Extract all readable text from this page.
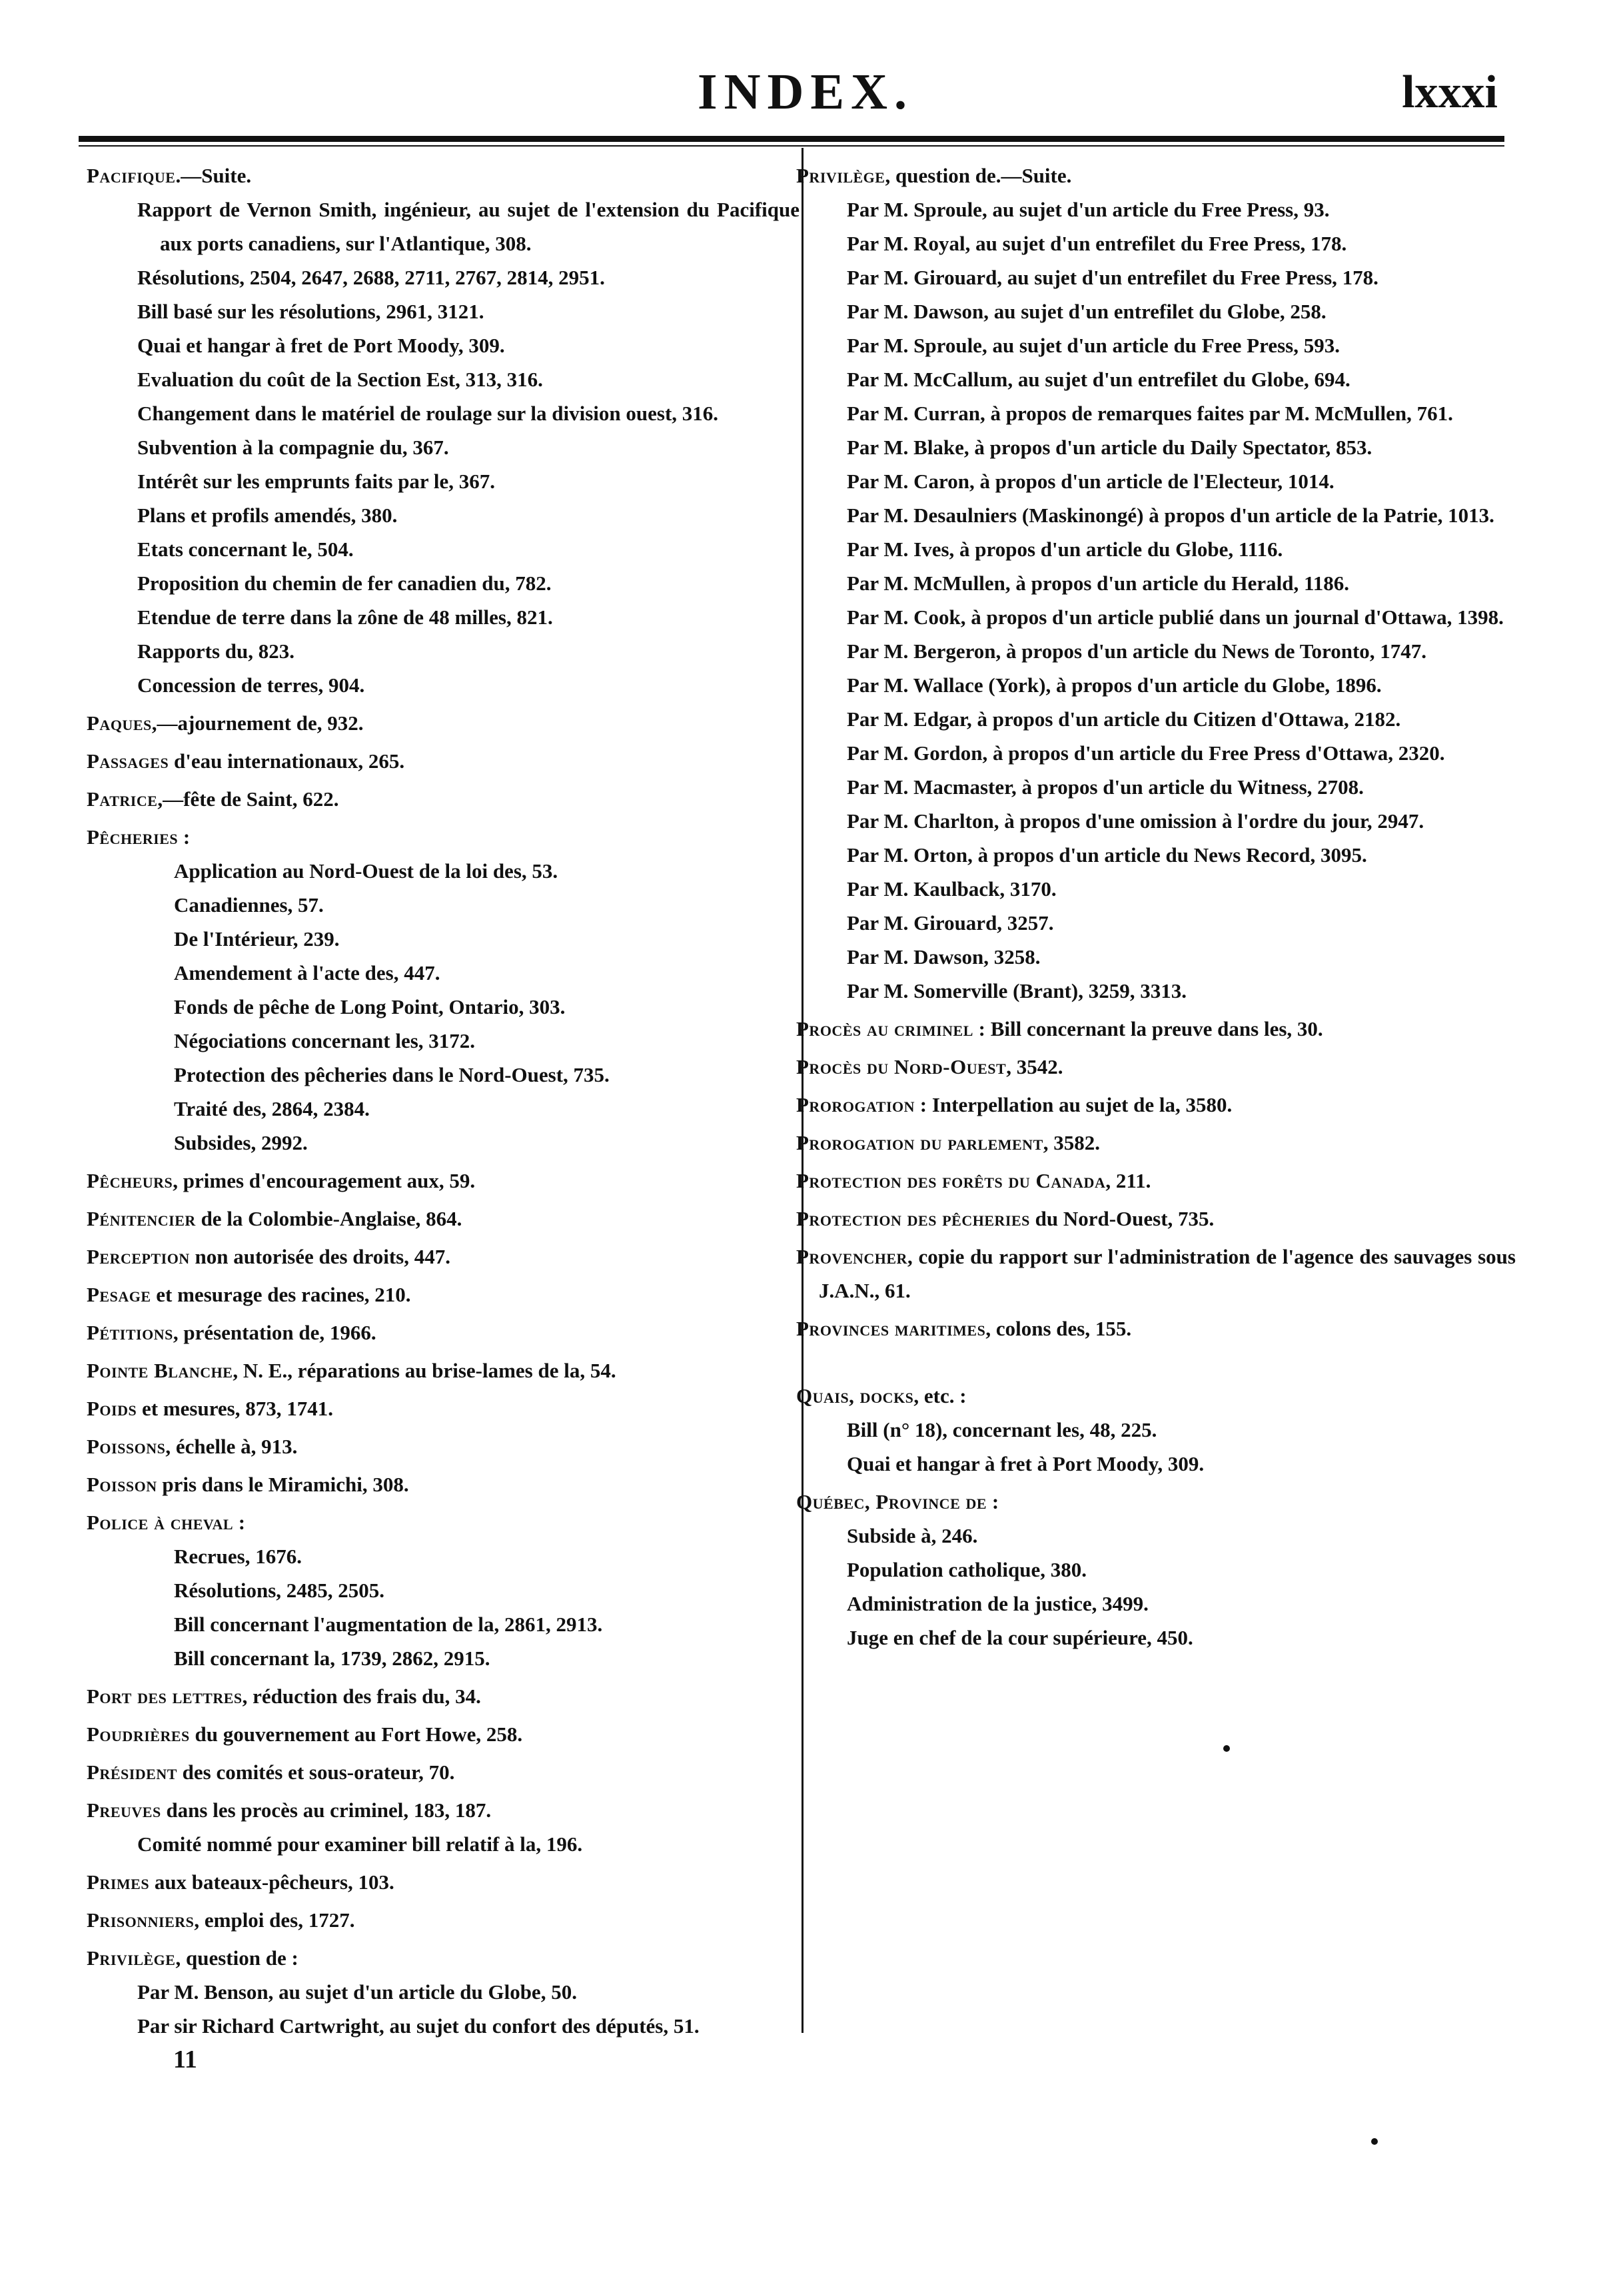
INDEX.	lxxxi
Pacifique.—Suite.
Rapport de Vernon Smith, ingénieur, au sujet de l'extension du Pacifique aux ports canadiens, sur l'Atlantique, 308.
Résolutions, 2504, 2647, 2688, 2711, 2767, 2814, 2951.
Bill basé sur les résolutions, 2961, 3121.
Quai et hangar à fret de Port Moody, 309.
Evaluation du coût de la Section Est, 313, 316.
Changement dans le matériel de roulage sur la division ouest, 316.
Subvention à la compagnie du, 367.
Intérêt sur les emprunts faits par le, 367.
Plans et profils amendés, 380.
Etats concernant le, 504.
Proposition du chemin de fer canadien du, 782.
Etendue de terre dans la zône de 48 milles, 821.
Rapports du, 823.
Concession de terres, 904.
Paques,—ajournement de, 932.
Passages d'eau internationaux, 265.
Patrice,—fête de Saint, 622.
Pêcheries :
Application au Nord-Ouest de la loi des, 53.
Canadiennes, 57.
De l'Intérieur, 239.
Amendement à l'acte des, 447.
Fonds de pêche de Long Point, Ontario, 303.
Négociations concernant les, 3172.
Protection des pêcheries dans le Nord-Ouest, 735.
Traité des, 2864, 2384.
Subsides, 2992.
Pêcheurs, primes d'encouragement aux, 59.
Pénitencier de la Colombie-Anglaise, 864.
Perception non autorisée des droits, 447.
Pesage et mesurage des racines, 210.
Pétitions, présentation de, 1966.
Pointe Blanche, N. E., réparations au brise-lames de la, 54.
Poids et mesures, 873, 1741.
Poissons, échelle à, 913.
Poisson pris dans le Miramichi, 308.
Police à cheval :
Recrues, 1676.
Résolutions, 2485, 2505.
Bill concernant l'augmentation de la, 2861, 2913.
Bill concernant la, 1739, 2862, 2915.
Port des lettres, réduction des frais du, 34.
Poudrières du gouvernement au Fort Howe, 258.
Président des comités et sous-orateur, 70.
Preuves dans les procès au criminel, 183, 187.
Comité nommé pour examiner bill relatif à la, 196.
Primes aux bateaux-pêcheurs, 103.
Prisonniers, emploi des, 1727.
Privilège, question de :
Par M. Benson, au sujet d'un article du Globe, 50.
Par sir Richard Cartwright, au sujet du confort des députés, 51.
11
Privilège, question de.—Suite.
Par M. Sproule, au sujet d'un article du Free Press, 93.
Par M. Royal, au sujet d'un entrefilet du Free Press, 178.
Par M. Girouard, au sujet d'un entrefilet du Free Press, 178.
Par M. Dawson, au sujet d'un entrefilet du Globe, 258.
Par M. Sproule, au sujet d'un article du Free Press, 593.
Par M. McCallum, au sujet d'un entrefilet du Globe, 694.
Par M. Curran, à propos de remarques faites par M. McMullen, 761.
Par M. Blake, à propos d'un article du Daily Spectator, 853.
Par M. Caron, à propos d'un article de l'Electeur, 1014.
Par M. Desaulniers (Maskinongé) à propos d'un article de la Patrie, 1013.
Par M. Ives, à propos d'un article du Globe, 1116.
Par M. McMullen, à propos d'un article du Herald, 1186.
Par M. Cook, à propos d'un article publié dans un journal d'Ottawa, 1398.
Par M. Bergeron, à propos d'un article du News de Toronto, 1747.
Par M. Wallace (York), à propos d'un article du Globe, 1896.
Par M. Edgar, à propos d'un article du Citizen d'Ottawa, 2182.
Par M. Gordon, à propos d'un article du Free Press d'Ottawa, 2320.
Par M. Macmaster, à propos d'un article du Witness, 2708.
Par M. Charlton, à propos d'une omission à l'ordre du jour, 2947.
Par M. Orton, à propos d'un article du News Record, 3095.
Par M. Kaulback, 3170.
Par M. Girouard, 3257.
Par M. Dawson, 3258.
Par M. Somerville (Brant), 3259, 3313.
Procès au criminel : Bill concernant la preuve dans les, 30.
Procès du Nord-Ouest, 3542.
Prorogation : Interpellation au sujet de la, 3580.
Prorogation du parlement, 3582.
Protection des forêts du Canada, 211.
Protection des pêcheries du Nord-Ouest, 735.
Provencher, copie du rapport sur l'administration de l'agence des sauvages sous J.A.N., 61.
Provinces maritimes, colons des, 155.
Quais, docks, etc. :
Bill (n° 18), concernant les, 48, 225.
Quai et hangar à fret à Port Moody, 309.
Québec, Province de :
Subside à, 246.
Population catholique, 380.
Administration de la justice, 3499.
Juge en chef de la cour supérieure, 450.
